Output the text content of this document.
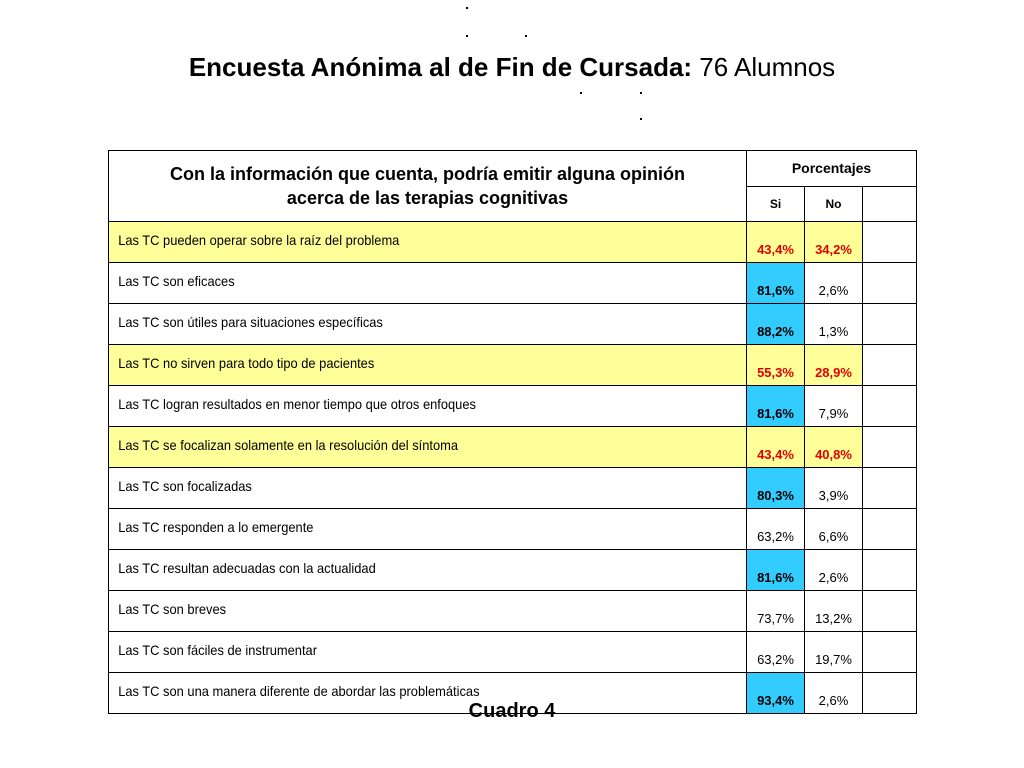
Encuesta Anónima al de Fin de Cursada: 76 Alumnos
Con la información que cuenta, podría emitir alguna opinión
acerca de las terapias cognitivas	Porcentajes		
	Si	No	

Las TC pueden operar sobre la raíz del problema	43,4%	34,2%	

Las TC son eficaces	81,6%	2,6%	

Las TC son útiles para situaciones específicas	88,2%	1,3%	

Las TC no sirven para todo tipo de pacientes	55,3%	28,9%	

Las TC logran resultados en menor tiempo que otros enfoques	81,6%	7,9%	

Las TC se focalizan solamente en la resolución del síntoma	43,4%	40,8%	

Las TC son focalizadas	80,3%	3,9%	

Las TC responden a lo emergente	63,2%	6,6%	

Las TC resultan adecuadas con la actualidad	81,6%	2,6%	

Las TC son breves	73,7%	13,2%	

Las TC son fáciles de instrumentar	63,2%	19,7%	

Las TC son una manera diferente de abordar las problemáticas	93,4%	2,6%	
Cuadro 4
